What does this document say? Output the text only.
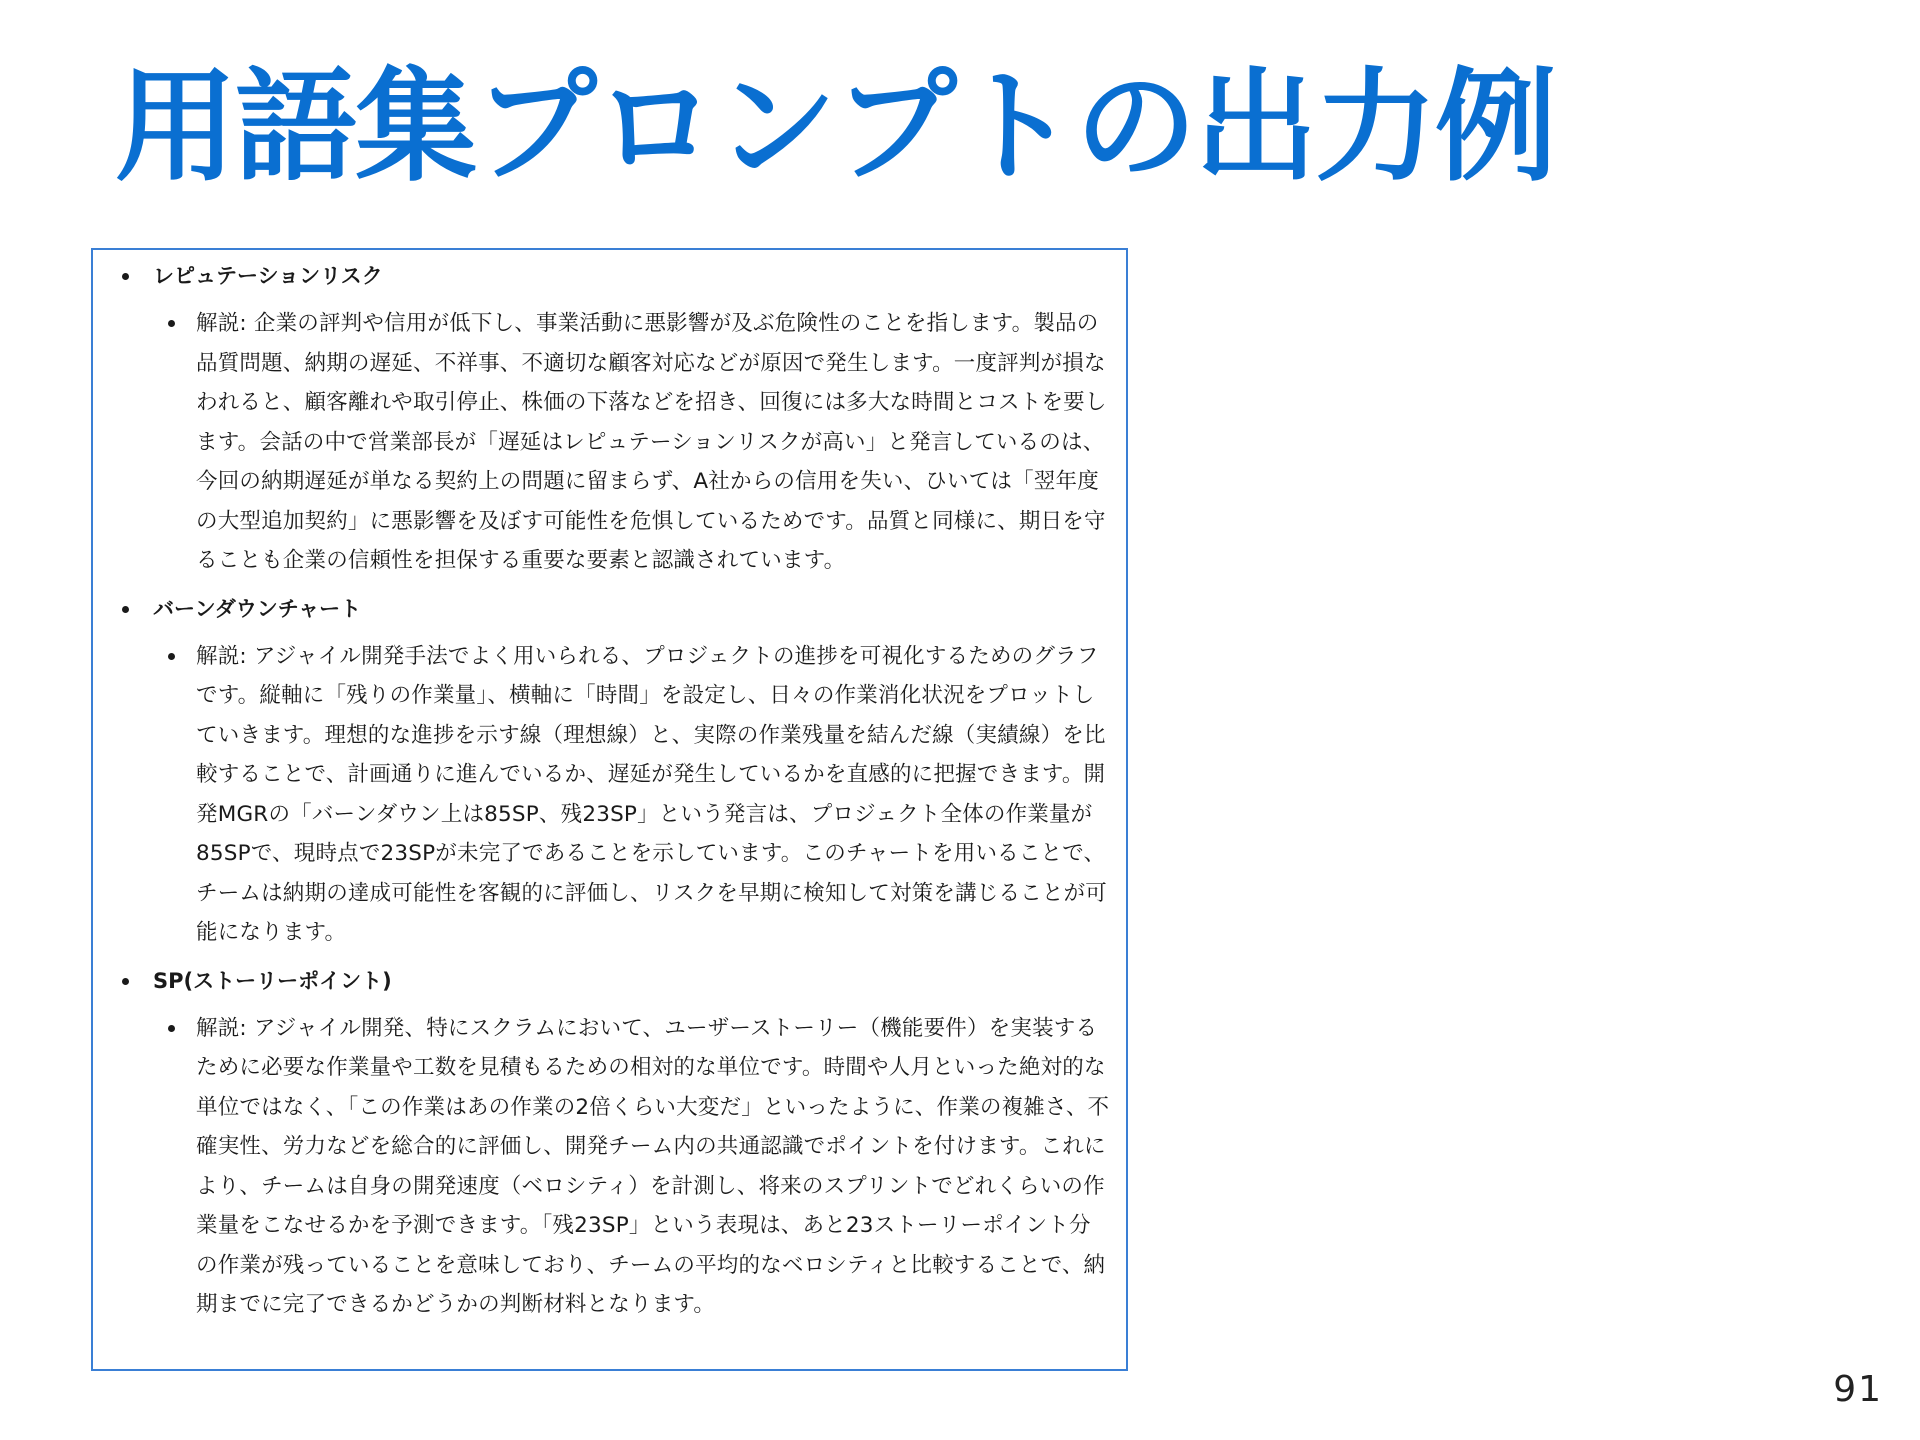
用語集プロンプトの出力例
レピュテーションリスク
解説: 企業の評判や信用が低下し、事業活動に悪影響が及ぶ危険性のことを指します。製品の品質問題、納期の遅延、不祥事、不適切な顧客対応などが原因で発生します。一度評判が損なわれると、顧客離れや取引停止、株価の下落などを招き、回復には多大な時間とコストを要します。会話の中で営業部長が「遅延はレピュテーションリスクが高い」と発言しているのは、今回の納期遅延が単なる契約上の問題に留まらず、A社からの信用を失い、ひいては「翌年度の大型追加契約」に悪影響を及ぼす可能性を危惧しているためです。品質と同様に、期日を守ることも企業の信頼性を担保する重要な要素と認識されています。
バーンダウンチャート
解説: アジャイル開発手法でよく用いられる、プロジェクトの進捗を可視化するためのグラフです。縦軸に「残りの作業量」、横軸に「時間」を設定し、日々の作業消化状況をプロットしていきます。理想的な進捗を示す線（理想線）と、実際の作業残量を結んだ線（実績線）を比較することで、計画通りに進んでいるか、遅延が発生しているかを直感的に把握できます。開発MGRの「バーンダウン上は85SP、残23SP」という発言は、プロジェクト全体の作業量が85SPで、現時点で23SPが未完了であることを示しています。このチャートを用いることで、チームは納期の達成可能性を客観的に評価し、リスクを早期に検知して対策を講じることが可能になります。
SP(ストーリーポイント)
解説: アジャイル開発、特にスクラムにおいて、ユーザーストーリー（機能要件）を実装するために必要な作業量や工数を見積もるための相対的な単位です。時間や人月といった絶対的な単位ではなく、「この作業はあの作業の2倍くらい大変だ」といったように、作業の複雑さ、不確実性、労力などを総合的に評価し、開発チーム内の共通認識でポイントを付けます。これにより、チームは自身の開発速度（ベロシティ）を計測し、将来のスプリントでどれくらいの作業量をこなせるかを予測できます。「残23SP」という表現は、あと23ストーリーポイント分の作業が残っていることを意味しており、チームの平均的なベロシティと比較することで、納期までに完了できるかどうかの判断材料となります。
91
